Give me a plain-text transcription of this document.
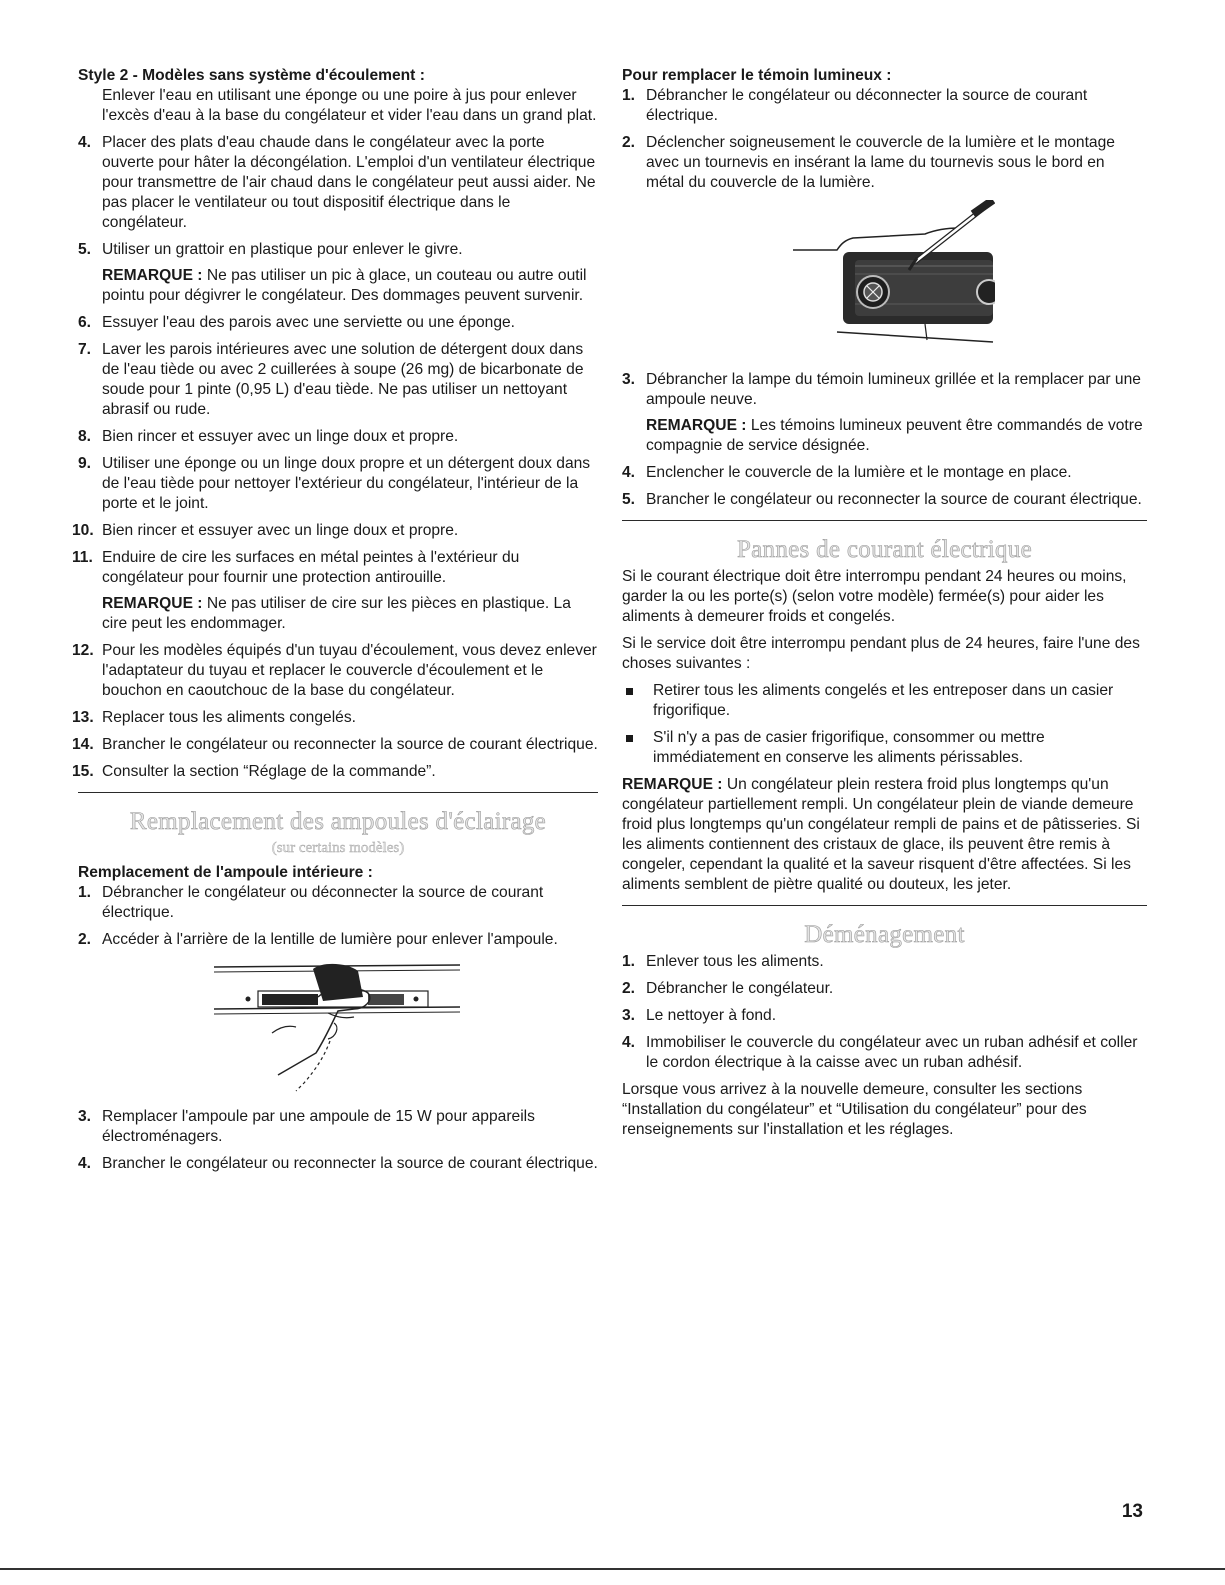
Style 2 - Modèles sans système d'écoulement :

Enlever l'eau en utilisant une éponge ou une poire à jus pour enlever l'excès d'eau à la base du congélateur et vider l'eau dans un grand plat.

4. Placer des plats d'eau chaude dans le congélateur avec la porte ouverte pour hâter la décongélation. L'emploi d'un ventilateur électrique pour transmettre de l'air chaud dans le congélateur peut aussi aider. Ne pas placer le ventilateur ou tout dispositif électrique dans le congélateur.
5. Utiliser un grattoir en plastique pour enlever le givre.
REMARQUE : Ne pas utiliser un pic à glace, un couteau ou autre outil pointu pour dégivrer le congélateur. Des dommages peuvent survenir.
6. Essuyer l'eau des parois avec une serviette ou une éponge.
7. Laver les parois intérieures avec une solution de détergent doux dans de l'eau tiède ou avec 2 cuillerées à soupe (26 mg) de bicarbonate de soude pour 1 pinte (0,95 L) d'eau tiède. Ne pas utiliser un nettoyant abrasif ou rude.
8. Bien rincer et essuyer avec un linge doux et propre.
9. Utiliser une éponge ou un linge doux propre et un détergent doux dans de l'eau tiède pour nettoyer l'extérieur du congélateur, l'intérieur de la porte et le joint.
10. Bien rincer et essuyer avec un linge doux et propre.
11. Enduire de cire les surfaces en métal peintes à l'extérieur du congélateur pour fournir une protection antirouille.
REMARQUE : Ne pas utiliser de cire sur les pièces en plastique. La cire peut les endommager.
12. Pour les modèles équipés d'un tuyau d'écoulement, vous devez enlever l'adaptateur du tuyau et replacer le couvercle d'écoulement et le bouchon en caoutchouc de la base du congélateur.
13. Replacer tous les aliments congelés.
14. Brancher le congélateur ou reconnecter la source de courant électrique.
15. Consulter la section “Réglage de la commande”.
Remplacement des ampoules d'éclairage
(sur certains modèles)

Remplacement de l'ampoule intérieure :

1. Débrancher le congélateur ou déconnecter la source de courant électrique.
2. Accéder à l'arrière de la lentille de lumière pour enlever l'ampoule.
3. Remplacer l'ampoule par une ampoule de 15 W pour appareils électroménagers.
4. Brancher le congélateur ou reconnecter la source de courant électrique.

Pour remplacer le témoin lumineux :

1. Débrancher le congélateur ou déconnecter la source de courant électrique.
2. Déclencher soigneusement le couvercle de la lumière et le montage avec un tournevis en insérant la lame du tournevis sous le bord en métal du couvercle de la lumière.
3. Débrancher la lampe du témoin lumineux grillée et la remplacer par une ampoule neuve.
REMARQUE : Les témoins lumineux peuvent être commandés de votre compagnie de service désignée.
4. Enclencher le couvercle de la lumière et le montage en place.
5. Brancher le congélateur ou reconnecter la source de courant électrique.
Pannes de courant électrique

Si le courant électrique doit être interrompu pendant 24 heures ou moins, garder la ou les porte(s) (selon votre modèle) fermée(s) pour aider les aliments à demeurer froids et congelés.

Si le service doit être interrompu pendant plus de 24 heures, faire l'une des choses suivantes :

Retirer tous les aliments congelés et les entreposer dans un casier frigorifique.
S'il n'y a pas de casier frigorifique, consommer ou mettre immédiatement en conserve les aliments périssables.

REMARQUE : Un congélateur plein restera froid plus longtemps qu'un congélateur partiellement rempli. Un congélateur plein de viande demeure froid plus longtemps qu'un congélateur rempli de pains et de pâtisseries. Si les aliments contiennent des cristaux de glace, ils peuvent être remis à congeler, cependant la qualité et la saveur risquent d'être affectées. Si les aliments semblent de piètre qualité ou douteux, les jeter.

Déménagement
1. Enlever tous les aliments.
2. Débrancher le congélateur.
3. Le nettoyer à fond.
4. Immobiliser le couvercle du congélateur avec un ruban adhésif et coller le cordon électrique à la caisse avec un ruban adhésif.

Lorsque vous arrivez à la nouvelle demeure, consulter les sections “Installation du congélateur” et “Utilisation du congélateur” pour des renseignements sur l'installation et les réglages.

13
